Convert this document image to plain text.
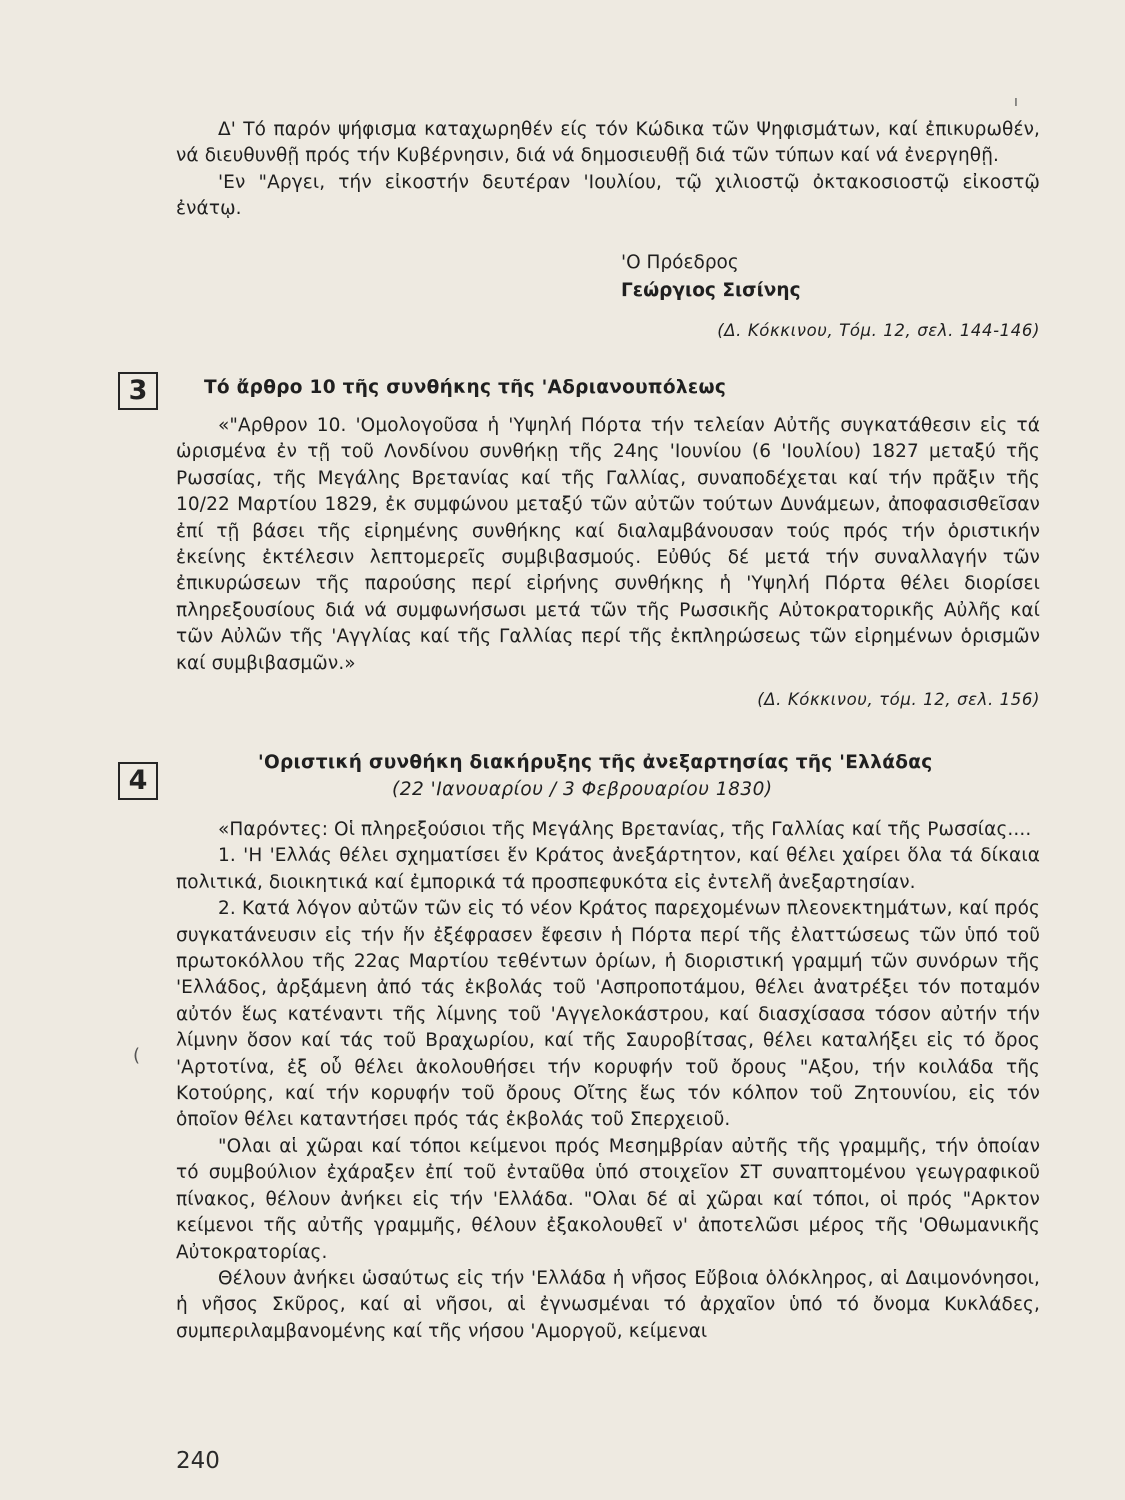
Δ' Τό παρόν ψήφισμα καταχωρηθέν είς τόν Κώδικα τῶν Ψηφισμάτων, καί ἐπικυρωθέν, νά διευθυνθῇ πρός τήν Κυβέρνησιν, διά νά δημοσιευθῇ διά τῶν τύπων καί νά ἐνεργηθῇ.

'Εν "Αργει, τήν εἰκοστήν δευτέραν 'Ιουλίου, τῷ χιλιοστῷ ὀκτακοσιοστῷ εἰκοστῷ ἐνάτῳ.

'Ο Πρόεδρος

Γεώργιος Σισίνης

(Δ. Κόκκινου, Τόμ. 12, σελ. 144-146)
3	Τό ἄρθρο 10 τῆς συνθήκης τῆς 'Αδριανουπόλεως

«"Αρθρον 10. 'Ομολογοῦσα ἡ 'Υψηλή Πόρτα τήν τελείαν Αὐτῆς συγκατάθεσιν εἰς τά ὡρισμένα ἐν τῇ τοῦ Λονδίνου συνθήκῃ τῆς 24ης 'Ιουνίου (6 'Ιουλίου) 1827 μεταξύ τῆς Ρωσσίας, τῆς Μεγάλης Βρετανίας καί τῆς Γαλλίας, συναποδέχεται καί τήν πρᾶξιν τῆς 10/22 Μαρτίου 1829, ἐκ συμφώνου μεταξύ τῶν αὐτῶν τούτων Δυνάμεων, ἀποφασισθεῖσαν ἐπί τῇ βάσει τῆς εἰρημένης συνθήκης καί διαλαμβάνουσαν τούς πρός τήν ὁριστικήν ἐκείνης ἐκτέλεσιν λεπτομερεῖς συμβιβασμούς. Εὐθύς δέ μετά τήν συναλλαγήν τῶν ἐπικυρώσεων τῆς παρούσης περί εἰρήνης συνθήκης ἡ 'Υψηλή Πόρτα θέλει διορίσει πληρεξουσίους διά νά συμφωνήσωσι μετά τῶν τῆς Ρωσσικῆς Αὐτοκρατορικῆς Αὐλῆς καί τῶν Αὐλῶν τῆς 'Αγγλίας καί τῆς Γαλλίας περί τῆς ἐκπληρώσεως τῶν εἰρημένων ὁρισμῶν καί συμβιβασμῶν.»

(Δ. Κόκκινου, τόμ. 12, σελ. 156)
4
'Οριστική συνθήκη διακήρυξης τῆς ἀνεξαρτησίας τῆς 'Ελλάδας
(22 'Ιανουαρίου / 3 Φεβρουαρίου 1830)

«Παρόντες: Οἱ πληρεξούσιοι τῆς Μεγάλης Βρετανίας, τῆς Γαλλίας καί τῆς Ρωσσίας....

1. 'Η 'Ελλάς θέλει σχηματίσει ἕν Κράτος ἀνεξάρτητον, καί θέλει χαίρει ὅλα τά δίκαια πολιτικά, διοικητικά καί ἐμπορικά τά προσπεφυκότα εἰς ἐντελῆ ἀνεξαρτησίαν.

2. Κατά λόγον αὐτῶν τῶν εἰς τό νέον Κράτος παρεχομένων πλεονεκτημάτων, καί πρός συγκατάνευσιν εἰς τήν ἥν ἐξέφρασεν ἔφεσιν ἡ Πόρτα περί τῆς ἐλαττώσεως τῶν ὑπό τοῦ πρωτοκόλλου τῆς 22ας Μαρτίου τεθέντων ὁρίων, ἡ διοριστική γραμμή τῶν συνόρων τῆς 'Ελλάδος, ἀρξάμενη ἀπό τάς ἐκβολάς τοῦ 'Ασπροποτάμου, θέλει ἀνατρέξει τόν ποταμόν αὐτόν ἕως κατέναντι τῆς λίμνης τοῦ 'Αγγελοκάστρου, καί διασχίσασα τόσον αὐτήν τήν λίμνην ὅσον καί τάς τοῦ Βραχωρίου, καί τῆς Σαυροβίτσας, θέλει καταλήξει εἰς τό ὄρος 'Αρτοτίνα, ἐξ οὗ θέλει ἀκολουθήσει τήν κορυφήν τοῦ ὄρους "Αξου, τήν κοιλάδα τῆς Κοτούρης, καί τήν κορυφήν τοῦ ὄρους Οἴτης ἕως τόν κόλπον τοῦ Ζητουνίου, εἰς τόν ὁποῖον θέλει καταντήσει πρός τάς ἐκβολάς τοῦ Σπερχειοῦ.

"Ολαι αἱ χῶραι καί τόποι κείμενοι πρός Μεσημβρίαν αὐτῆς τῆς γραμμῆς, τήν ὁποίαν τό συμβούλιον ἐχάραξεν ἐπί τοῦ ἐνταῦθα ὑπό στοιχεῖον ΣΤ συναπτομένου γεωγραφικοῦ πίνακος, θέλουν ἀνήκει εἰς τήν 'Ελλάδα. "Ολαι δέ αἱ χῶραι καί τόποι, οἱ πρός "Αρκτον κείμενοι τῆς αὐτῆς γραμμῆς, θέλουν ἐξακολουθεῖ ν' ἀποτελῶσι μέρος τῆς 'Οθωμανικῆς Αὐτοκρατορίας.

Θέλουν ἀνήκει ὡσαύτως εἰς τήν 'Ελλάδα ἡ νῆσος Εὔβοια ὁλόκληρος, αἱ Δαιμονόνησοι, ἡ νῆσος Σκῦρος, καί αἱ νῆσοι, αἱ ἐγνωσμέναι τό ἀρχαῖον ὑπό τό ὄνομα Κυκλάδες, συμπεριλαμβανομένης καί τῆς νήσου 'Αμοργοῦ, κείμεναι

240
ı
(
